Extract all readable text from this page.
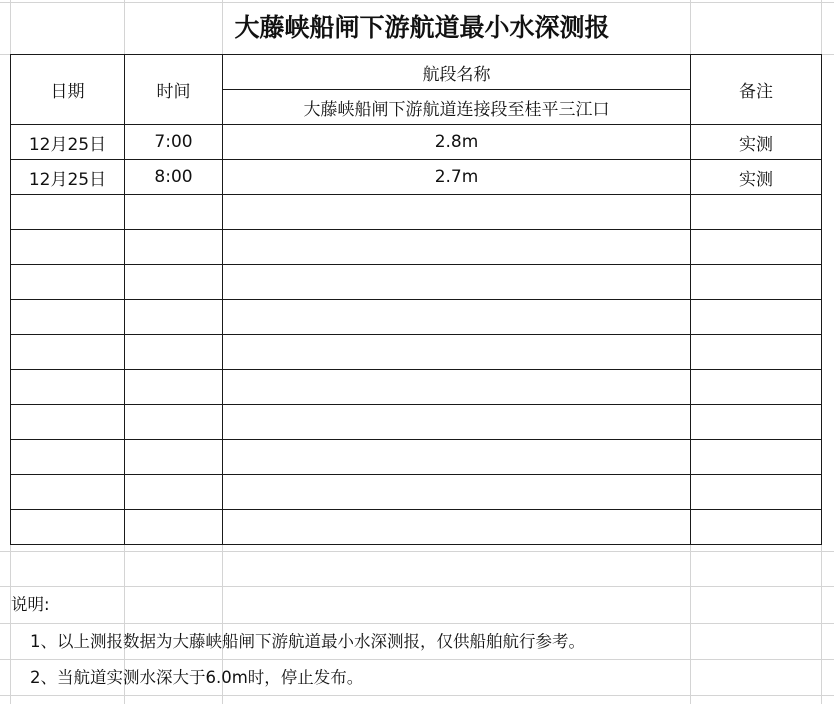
大藤峡船闸下游航道最小水深测报
日期	时间	航段名称	备注
		大藤峡船闸下游航道连接段至桂平三江口	
12月25日	7:00	2.8m	实测
12月25日	8:00	2.7m	实测

说明:
1、以上测报数据为大藤峡船闸下游航道最小水深测报，仅供船舶航行参考。
2、当航道实测水深大于6.0m时，停止发布。
